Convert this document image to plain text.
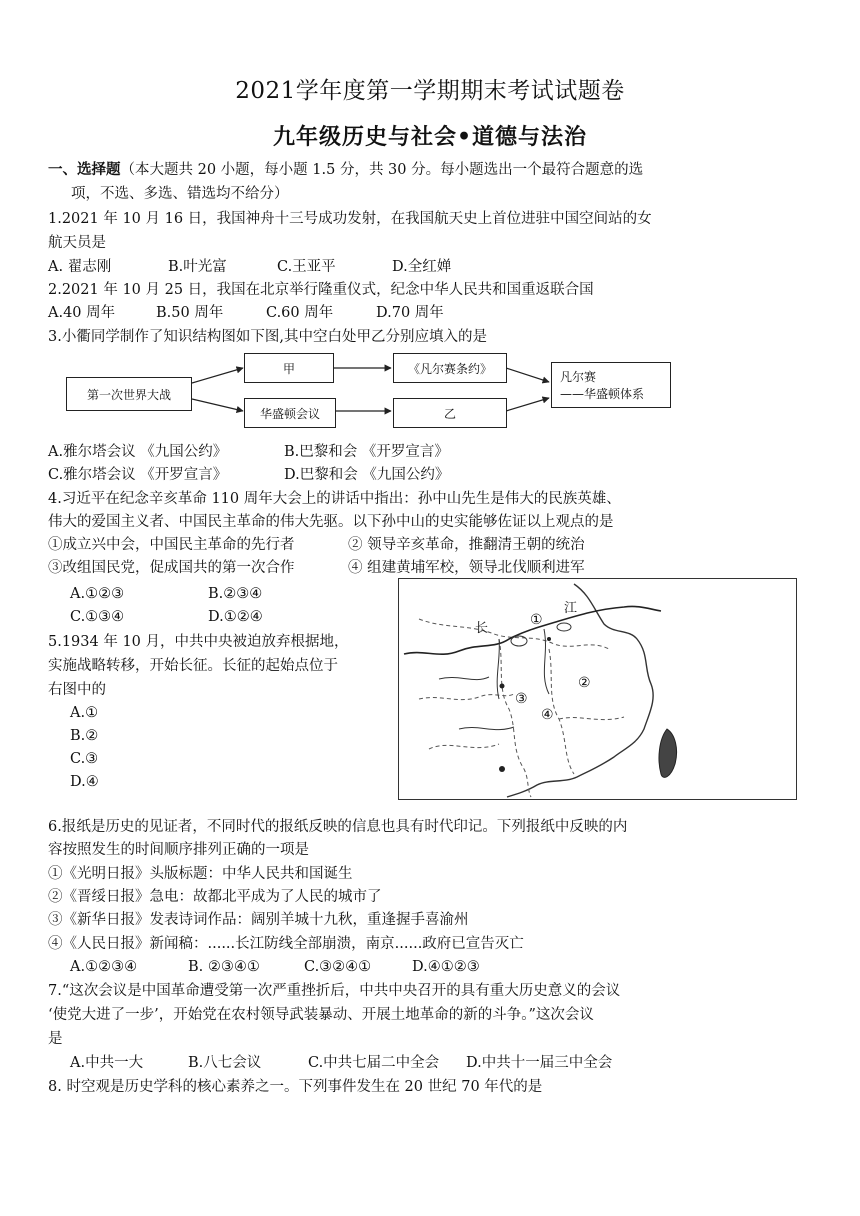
2021学年度第一学期期末考试试题卷
九年级历史与社会•道德与法治
一、选择题（本大题共 20 小题，每小题 1.5 分，共 30 分。每小题选出一个最符合题意的选
项，不选、多选、错选均不给分）
1.2021 年 10 月 16 日，我国神舟十三号成功发射，在我国航天史上首位进驻中国空间站的女
航天员是
A. 翟志刚	B.叶光富	C.王亚平	D.全红婵
2.2021 年 10 月 25 日，我国在北京举行隆重仪式，纪念中华人民共和国重返联合国
A.40 周年	B.50 周年	C.60 周年	D.70 周年
3.小衢同学制作了知识结构图如下图,其中空白处甲乙分别应填入的是
第一次世界大战
甲
华盛顿会议
《凡尔赛条约》
乙
凡尔赛
——华盛顿体系
A.雅尔塔会议 《九国公约》	B.巴黎和会 《开罗宣言》
C.雅尔塔会议 《开罗宣言》	D.巴黎和会 《九国公约》
4.习近平在纪念辛亥革命 110 周年大会上的讲话中指出：孙中山先生是伟大的民族英雄、
伟大的爱国主义者、中国民主革命的伟大先驱。以下孙中山的史实能够佐证以上观点的是
①成立兴中会，中国民主革命的先行者	② 领导辛亥革命，推翻清王朝的统治
③改组国民党，促成国共的第一次合作	④ 组建黄埔军校，领导北伐顺利进军
A.①②③	B.②③④
C.①③④	D.①②④
5.1934 年 10 月，中共中央被迫放弃根据地，
实施战略转移，开始长征。长征的起始点位于
右图中的
A.①
B.②
C.③
D.④
江
长
①
②
③
④
6.报纸是历史的见证者，不同时代的报纸反映的信息也具有时代印记。下列报纸中反映的内
容按照发生的时间顺序排列正确的一项是
①《光明日报》头版标题：中华人民共和国诞生
②《晋绥日报》急电：故都北平成为了人民的城市了
③《新华日报》发表诗词作品：阔别羊城十九秋，重逢握手喜渝州
④《人民日报》新闻稿：......长江防线全部崩溃，南京......政府已宣告灭亡
A.①②③④	B. ②③④①	C.③②④①	D.④①②③
7.“这次会议是中国革命遭受第一次严重挫折后，中共中央召开的具有重大历史意义的会议
‘使党大进了一步’，开始党在农村领导武装暴动、开展土地革命的新的斗争。”这次会议
是
A.中共一大	B.八七会议	C.中共七届二中全会 D.中共十一届三中全会
8. 时空观是历史学科的核心素养之一。下列事件发生在 20 世纪 70 年代的是
